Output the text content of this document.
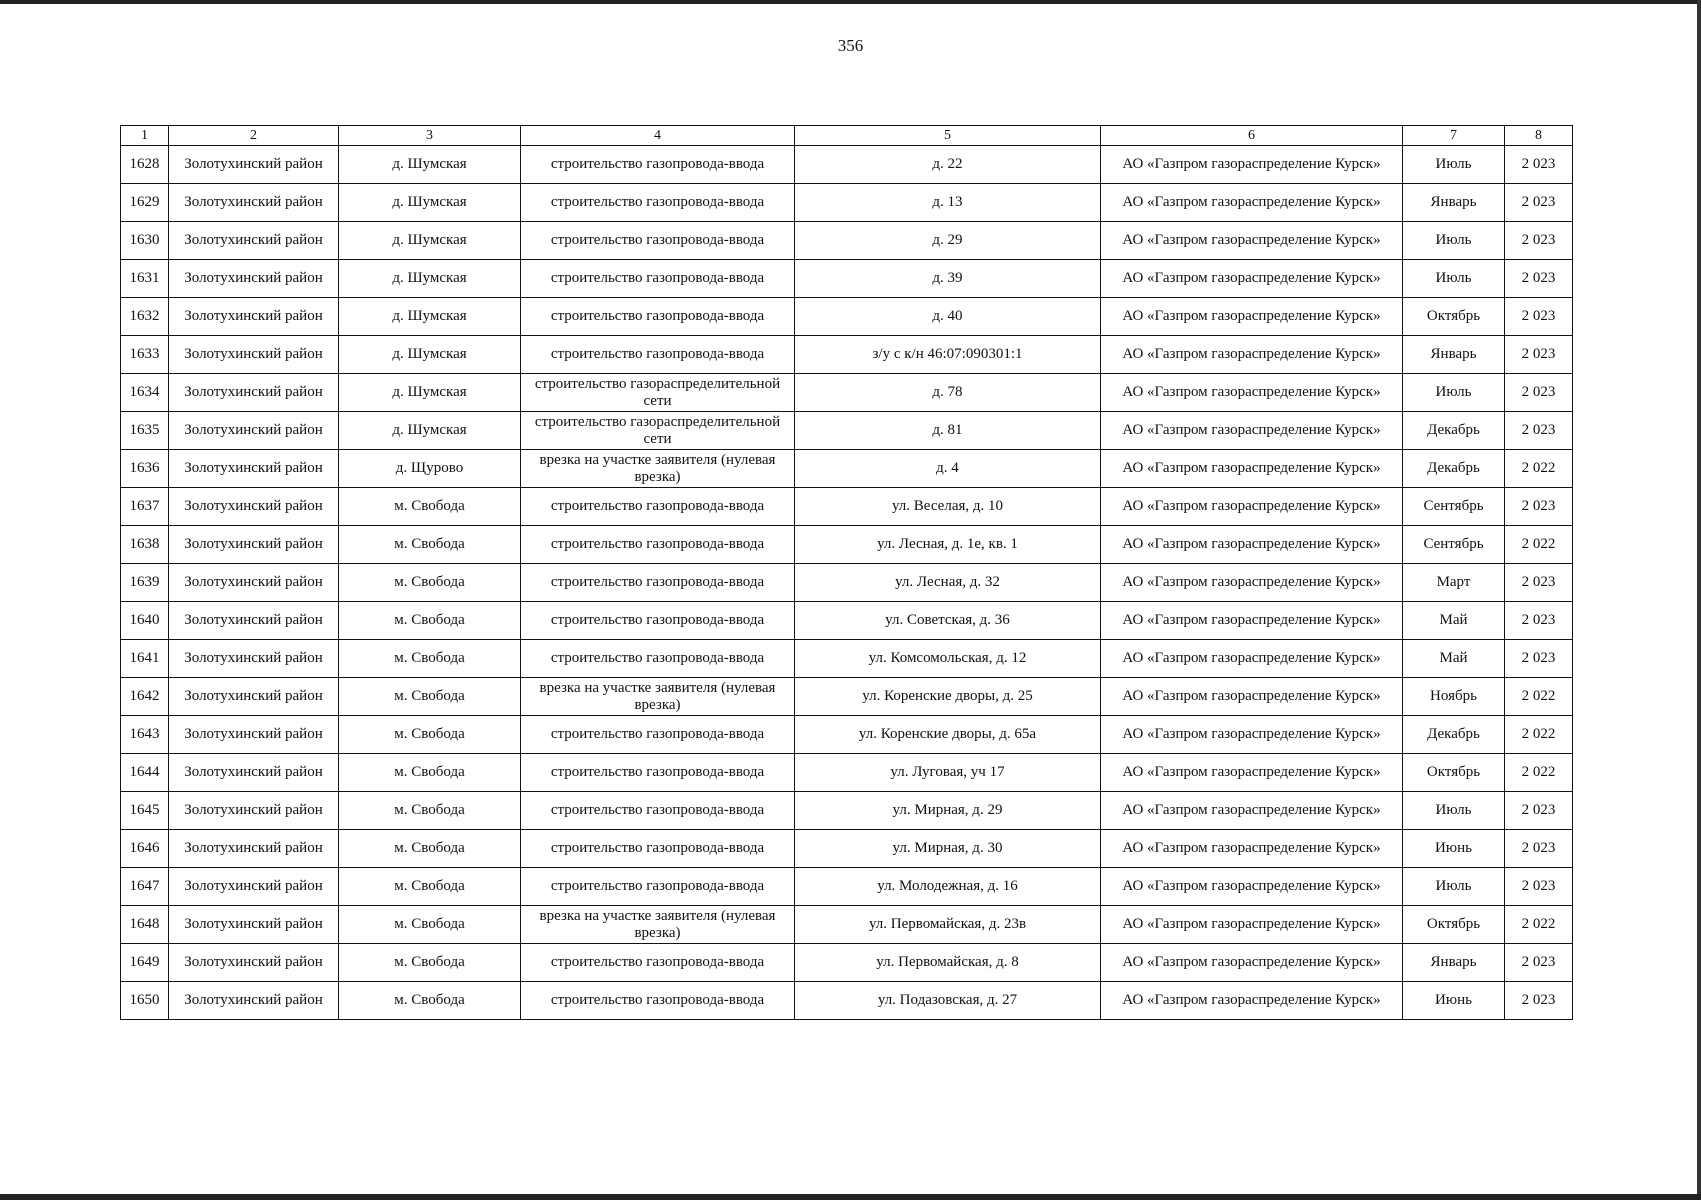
356
1	2	3	4	5	6	7	8
1628	Золотухинский район	д. Шумская	строительство газопровода-ввода	д. 22	АО «Газпром газораспределение Курск»	Июль	2 023
1629	Золотухинский район	д. Шумская	строительство газопровода-ввода	д. 13	АО «Газпром газораспределение Курск»	Январь	2 023
1630	Золотухинский район	д. Шумская	строительство газопровода-ввода	д. 29	АО «Газпром газораспределение Курск»	Июль	2 023
1631	Золотухинский район	д. Шумская	строительство газопровода-ввода	д. 39	АО «Газпром газораспределение Курск»	Июль	2 023
1632	Золотухинский район	д. Шумская	строительство газопровода-ввода	д. 40	АО «Газпром газораспределение Курск»	Октябрь	2 023
1633	Золотухинский район	д. Шумская	строительство газопровода-ввода	з/у с к/н 46:07:090301:1	АО «Газпром газораспределение Курск»	Январь	2 023
1634	Золотухинский район	д. Шумская	строительство газораспределительной сети	д. 78	АО «Газпром газораспределение Курск»	Июль	2 023
1635	Золотухинский район	д. Шумская	строительство газораспределительной сети	д. 81	АО «Газпром газораспределение Курск»	Декабрь	2 023
1636	Золотухинский район	д. Щурово	врезка на участке заявителя (нулевая врезка)	д. 4	АО «Газпром газораспределение Курск»	Декабрь	2 022
1637	Золотухинский район	м. Свобода	строительство газопровода-ввода	ул. Веселая, д. 10	АО «Газпром газораспределение Курск»	Сентябрь	2 023
1638	Золотухинский район	м. Свобода	строительство газопровода-ввода	ул. Лесная, д. 1е, кв. 1	АО «Газпром газораспределение Курск»	Сентябрь	2 022
1639	Золотухинский район	м. Свобода	строительство газопровода-ввода	ул. Лесная, д. 32	АО «Газпром газораспределение Курск»	Март	2 023
1640	Золотухинский район	м. Свобода	строительство газопровода-ввода	ул. Советская, д. 36	АО «Газпром газораспределение Курск»	Май	2 023
1641	Золотухинский район	м. Свобода	строительство газопровода-ввода	ул. Комсомольская, д. 12	АО «Газпром газораспределение Курск»	Май	2 023
1642	Золотухинский район	м. Свобода	врезка на участке заявителя (нулевая врезка)	ул. Коренские дворы, д. 25	АО «Газпром газораспределение Курск»	Ноябрь	2 022
1643	Золотухинский район	м. Свобода	строительство газопровода-ввода	ул. Коренские дворы, д. 65а	АО «Газпром газораспределение Курск»	Декабрь	2 022
1644	Золотухинский район	м. Свобода	строительство газопровода-ввода	ул. Луговая, уч 17	АО «Газпром газораспределение Курск»	Октябрь	2 022
1645	Золотухинский район	м. Свобода	строительство газопровода-ввода	ул. Мирная, д. 29	АО «Газпром газораспределение Курск»	Июль	2 023
1646	Золотухинский район	м. Свобода	строительство газопровода-ввода	ул. Мирная, д. 30	АО «Газпром газораспределение Курск»	Июнь	2 023
1647	Золотухинский район	м. Свобода	строительство газопровода-ввода	ул. Молодежная, д. 16	АО «Газпром газораспределение Курск»	Июль	2 023
1648	Золотухинский район	м. Свобода	врезка на участке заявителя (нулевая врезка)	ул. Первомайская, д. 23в	АО «Газпром газораспределение Курск»	Октябрь	2 022
1649	Золотухинский район	м. Свобода	строительство газопровода-ввода	ул. Первомайская, д. 8	АО «Газпром газораспределение Курск»	Январь	2 023
1650	Золотухинский район	м. Свобода	строительство газопровода-ввода	ул. Подазовская, д. 27	АО «Газпром газораспределение Курск»	Июнь	2 023
